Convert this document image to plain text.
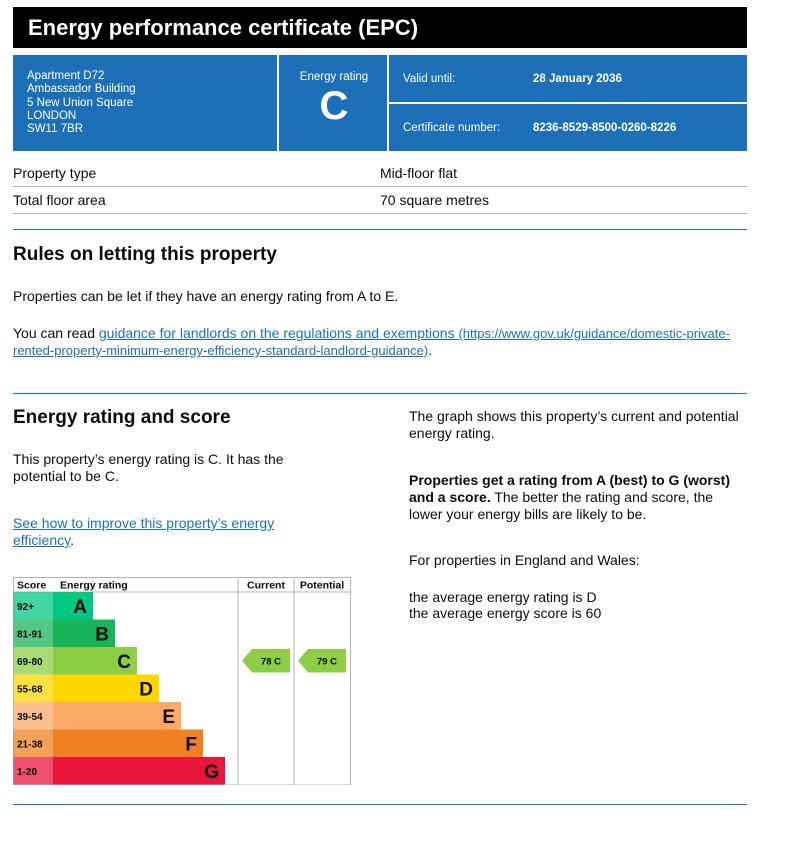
Energy performance certificate (EPC)
Apartment D72
Ambassador Building
5 New Union Square
LONDON
SW11 7BR
Energy rating
C
Valid until:	28 January 2036
Certificate number:	8236-8529-8500-0260-8226
Property type	Mid-floor flat
Total floor area	70 square metres
Rules on letting this property

Properties can be let if they have an energy rating from A to E.

You can read guidance for landlords on the regulations and exemptions (https://www.gov.uk/guidance/domestic-private-rented-property-minimum-energy-efficiency-standard-landlord-guidance).

Energy rating and score

This property’s energy rating is C. It has the potential to be C.

See how to improve this property’s energy efficiency.

The graph shows this property’s current and potential energy rating.
Properties get a rating from A (best) to G (worst) and a score. The better the rating and score, the lower your energy bills are likely to be.
For properties in England and Wales:
the average energy rating is D
the average energy score is 60
Score Energy rating	Current Potential
92+ A
81-91	B
69-80	C
55-68	D
39-54	E
21-38	F
1-20	G
78 C	79 C
